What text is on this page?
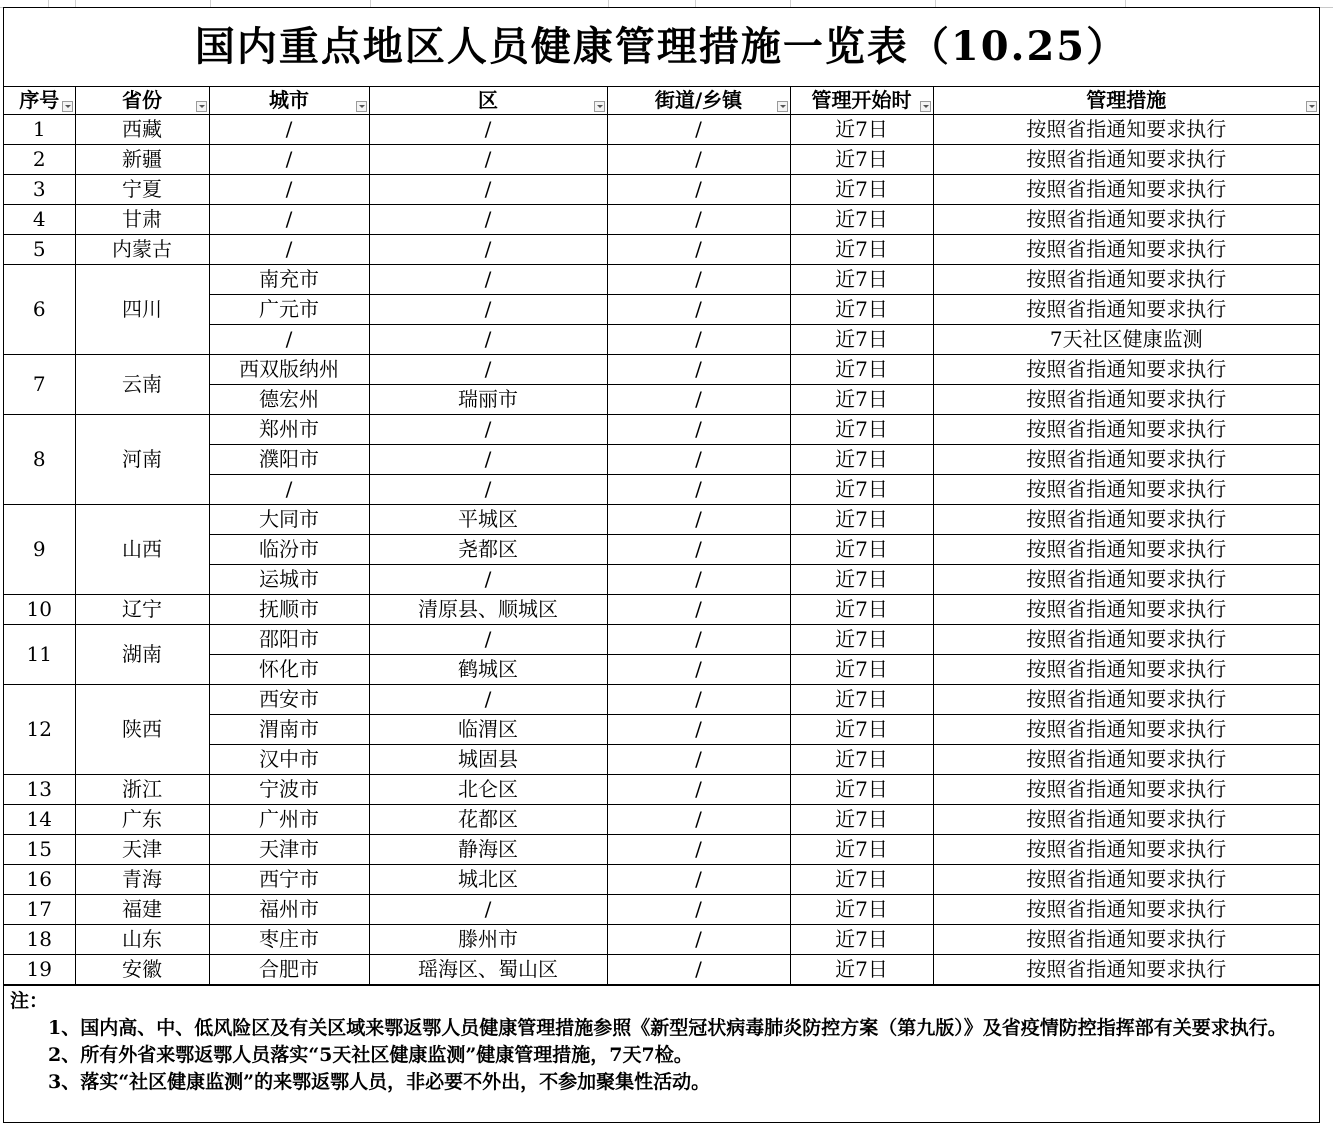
国内重点地区人员健康管理措施一览表（10.25）
序号	省份	城市	区	街道/乡镇	管理开始时	管理措施

1	西藏	/	/	/	近7日	按照省指通知要求执行
2	新疆	/	/	/	近7日	按照省指通知要求执行
3	宁夏	/	/	/	近7日	按照省指通知要求执行
4	甘肃	/	/	/	近7日	按照省指通知要求执行
5	内蒙古	/	/	/	近7日	按照省指通知要求执行
6	四川	南充市	/	/	近7日	按照省指通知要求执行
		广元市	/	/	近7日	按照省指通知要求执行
		/	/	/	近7日	7天社区健康监测
7	云南	西双版纳州	/	/	近7日	按照省指通知要求执行
		德宏州	瑞丽市	/	近7日	按照省指通知要求执行
8	河南	郑州市	/	/	近7日	按照省指通知要求执行
		濮阳市	/	/	近7日	按照省指通知要求执行
		/	/	/	近7日	按照省指通知要求执行
9	山西	大同市	平城区	/	近7日	按照省指通知要求执行
		临汾市	尧都区	/	近7日	按照省指通知要求执行
		运城市	/	/	近7日	按照省指通知要求执行
10	辽宁	抚顺市	清原县、顺城区	/	近7日	按照省指通知要求执行
11	湖南	邵阳市	/	/	近7日	按照省指通知要求执行
		怀化市	鹤城区	/	近7日	按照省指通知要求执行
12	陕西	西安市	/	/	近7日	按照省指通知要求执行
		渭南市	临渭区	/	近7日	按照省指通知要求执行
		汉中市	城固县	/	近7日	按照省指通知要求执行
13	浙江	宁波市	北仑区	/	近7日	按照省指通知要求执行
14	广东	广州市	花都区	/	近7日	按照省指通知要求执行
15	天津	天津市	静海区	/	近7日	按照省指通知要求执行
16	青海	西宁市	城北区	/	近7日	按照省指通知要求执行
17	福建	福州市	/	/	近7日	按照省指通知要求执行
18	山东	枣庄市	滕州市	/	近7日	按照省指通知要求执行
19	安徽	合肥市	瑶海区、蜀山区	/	近7日	按照省指通知要求执行

注：

1、国内高、中、低风险区及有关区域来鄂返鄂人员健康管理措施参照《新型冠状病毒肺炎防控方案（第九版）》及省疫情防控指挥部有关要求执行。

2、所有外省来鄂返鄂人员落实“5天社区健康监测”健康管理措施，7天7检。

3、落实“社区健康监测”的来鄂返鄂人员，非必要不外出，不参加聚集性活动。
